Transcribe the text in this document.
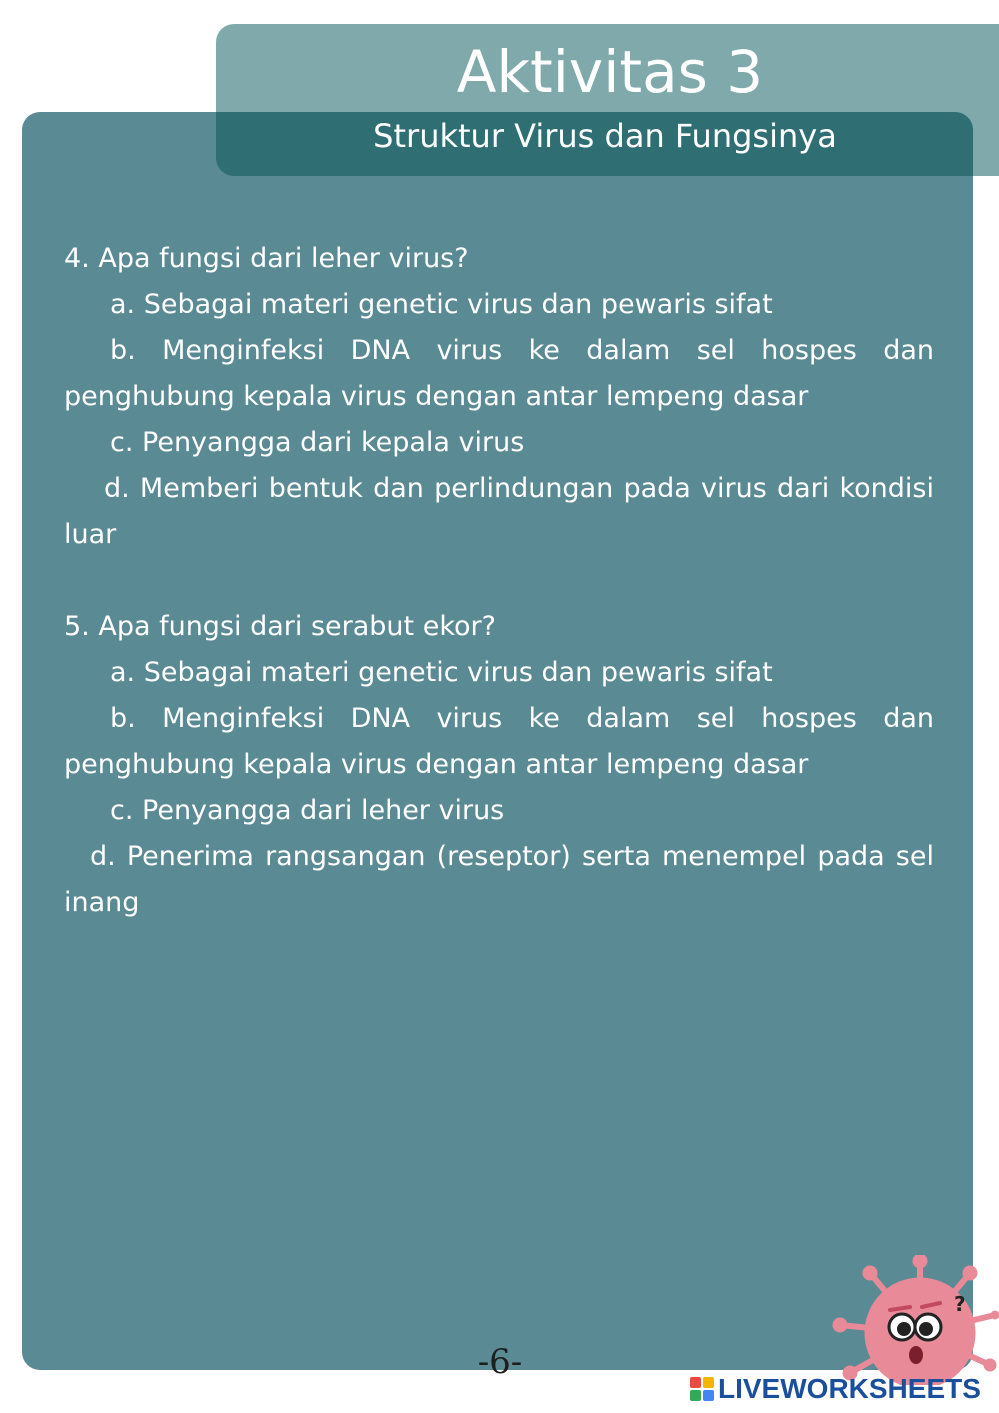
Aktivitas 3
Struktur Virus dan Fungsinya

4. Apa fungsi dari leher virus?

a. Sebagai materi genetic virus dan pewaris sifat

b. Menginfeksi DNA virus ke dalam sel hospes dan penghubung kepala virus dengan antar lempeng dasar

c. Penyangga dari kepala virus

d. Memberi bentuk dan perlindungan pada virus dari kondisi luar

5. Apa fungsi dari serabut ekor?

a. Sebagai materi genetic virus dan pewaris sifat

b. Menginfeksi DNA virus ke dalam sel hospes dan penghubung kepala virus dengan antar lempeng dasar

c. Penyangga dari leher virus

d. Penerima rangsangan (reseptor) serta menempel pada sel inang

-6-
?
LIVEWORKSHEETS
